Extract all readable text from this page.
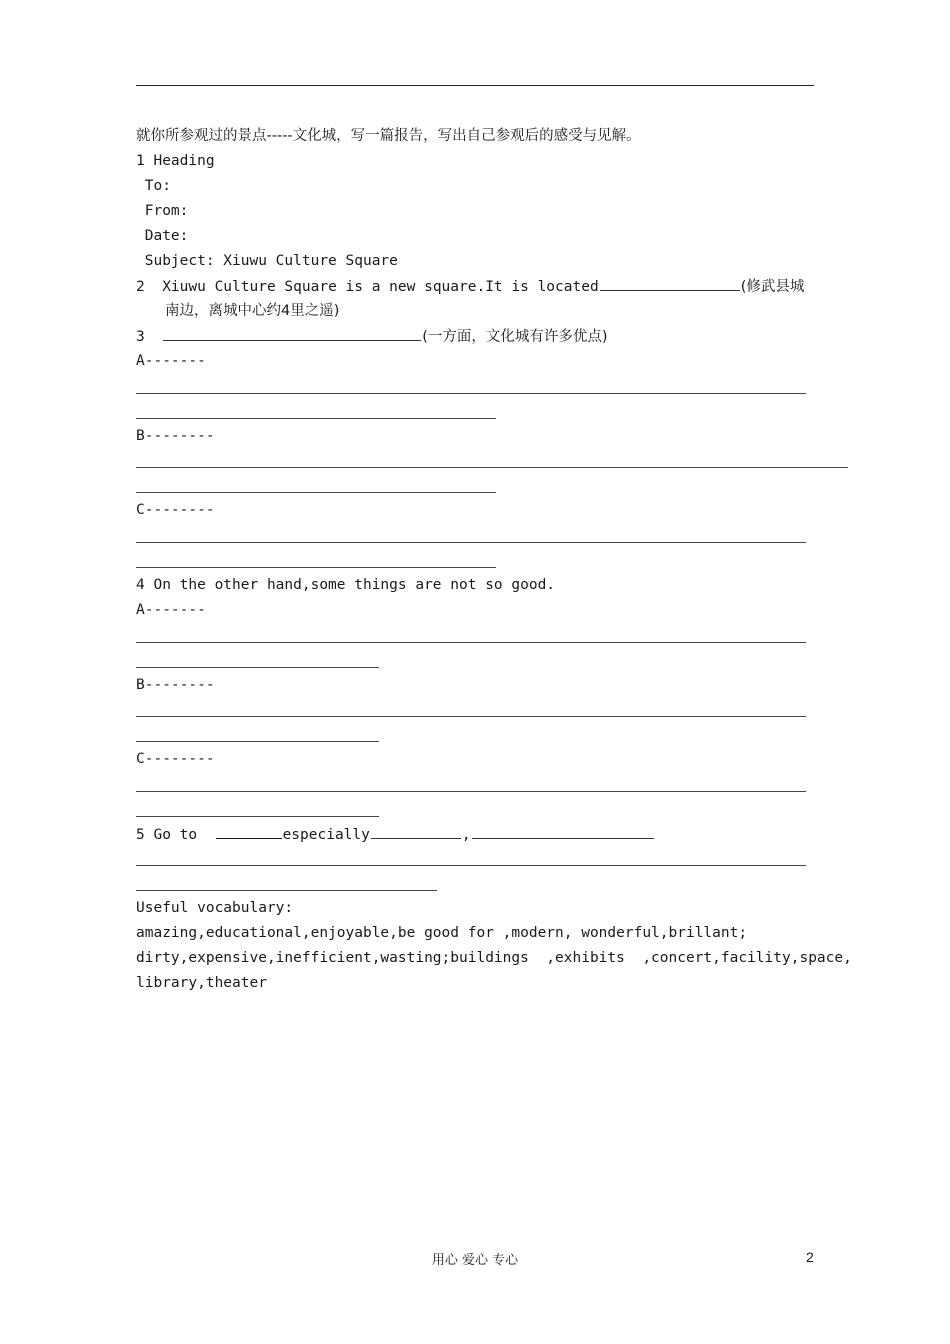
就你所参观过的景点-----文化城，写一篇报告，写出自己参观后的感受与见解。
1 Heading
To:
From:
Date:
Subject: Xiuwu Culture Square
2 Xiuwu Culture Square is a new square.It is located	(修武县城
南边，离城中心约4里之遥)
3	(一方面，文化城有许多优点)
A-------
B--------
C--------
4 On the other hand,some things are not so good.
A-------
B--------
C--------
5 Go to	especially	,
Useful vocabulary:
amazing,educational,enjoyable,be good for ,modern, wonderful,brillant;
dirty,expensive,inefficient,wasting;buildings  ,exhibits  ,concert,facility,space,
library,theater
用心 爱心 专心	2
